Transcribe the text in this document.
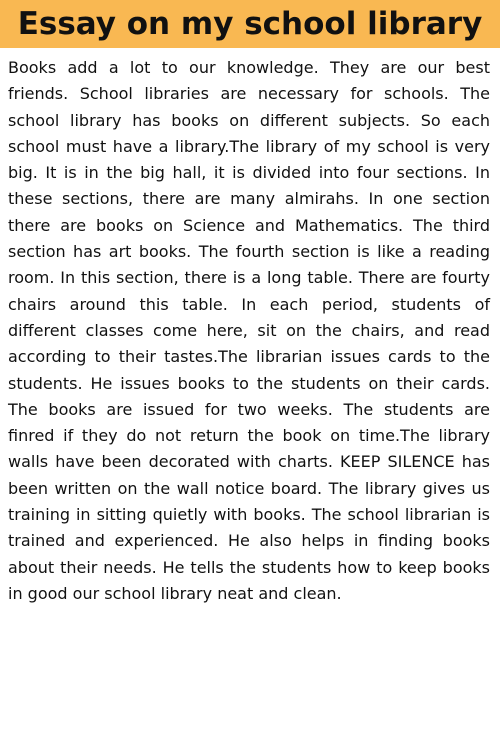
Essay on my school library

Books add a lot to our knowledge. They are our best friends. School libraries are necessary for schools. The school library has books on different subjects. So each school must have a library.The library of my school is very big. It is in the big hall, it is divided into four sections. In these sections, there are many almirahs. In one section there are books on Science and Mathematics. The third section has art books. The fourth section is like a reading room. In this section, there is a long table. There are fourty chairs around this table. In each period, students of different classes come here, sit on the chairs, and read according to their tastes.The librarian issues cards to the students. He issues books to the students on their cards. The books are issued for two weeks. The students are finred if they do not return the book on time.The library walls have been decorated with charts. KEEP SILENCE has been written on the wall notice board. The library gives us training in sitting quietly with books. The school librarian is trained and experienced. He also helps in finding books about their needs. He tells the students how to keep books in good our school library neat and clean.
